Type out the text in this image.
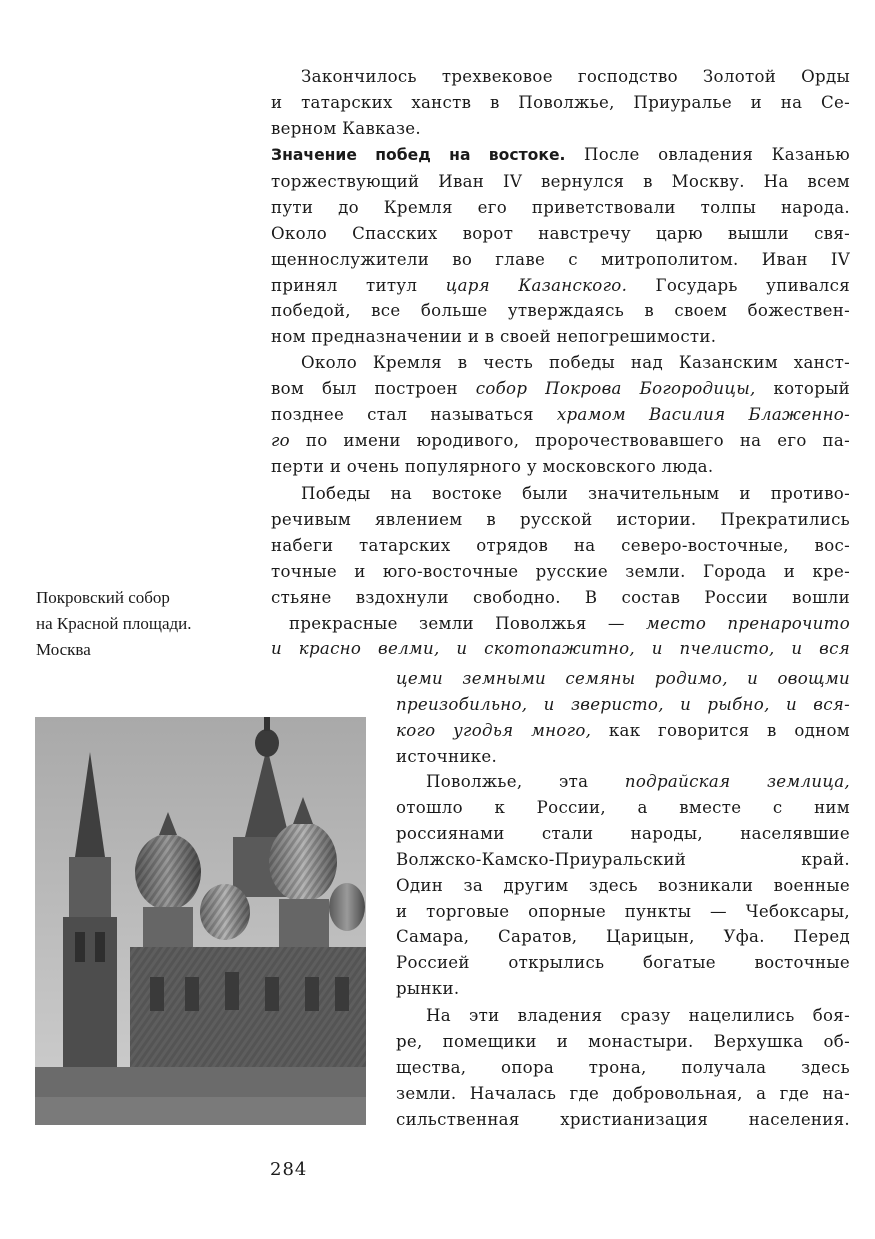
Закончилось трехвековое господство Золотой Орды
и татарских ханств в Поволжье, Приуралье и на Се-
верном Кавказе.
Значение побед на востоке. После овладения Казанью
торжествующий Иван IV вернулся в Москву. На всем
пути до Кремля его приветствовали толпы народа.
Около Спасских ворот навстречу царю вышли свя-
щеннослужители во главе с митрополитом. Иван IV
принял титул царя Казанского. Государь упивался
победой, все больше утверждаясь в своем божествен-
ном предназначении и в своей непогрешимости.
Около Кремля в честь победы над Казанским ханст-
вом был построен собор Покрова Богородицы, который
позднее стал называться храмом Василия Блаженно-
го по имени юродивого, пророчествовавшего на его па-
перти и очень популярного у московского люда.
Победы на востоке были значительным и противо-
речивым явлением в русской истории. Прекратились
набеги татарских отрядов на северо-восточные, вос-
точные и юго-восточные русские земли. Города и кре-
стьяне вздохнули свободно. В состав России вошли
прекрасные земли Поволжья — место пренарочито
и красно велми, и скотопажитно, и пчелисто, и вся
цеми земными семяны родимо, и овощми
преизобильно, и зверисто, и рыбно, и вся-
кого угодья много, как говорится в одном
источнике.
Поволжье, эта подрайская землица,
отошло к России, а вместе с ним
россиянами стали народы, населявшие
Волжско-Камско-Приуральский край.
Один за другим здесь возникали военные
и торговые опорные пункты — Чебоксары,
Самара, Саратов, Царицын, Уфа. Перед
Россией открылись богатые восточные
рынки.
На эти владения сразу нацелились боя-
ре, помещики и монастыри. Верхушка об-
щества, опора трона, получала здесь
земли. Началась где добровольная, а где на-
сильственная христианизация населения.
Покровский собор
на Красной площади.
Москва
284
